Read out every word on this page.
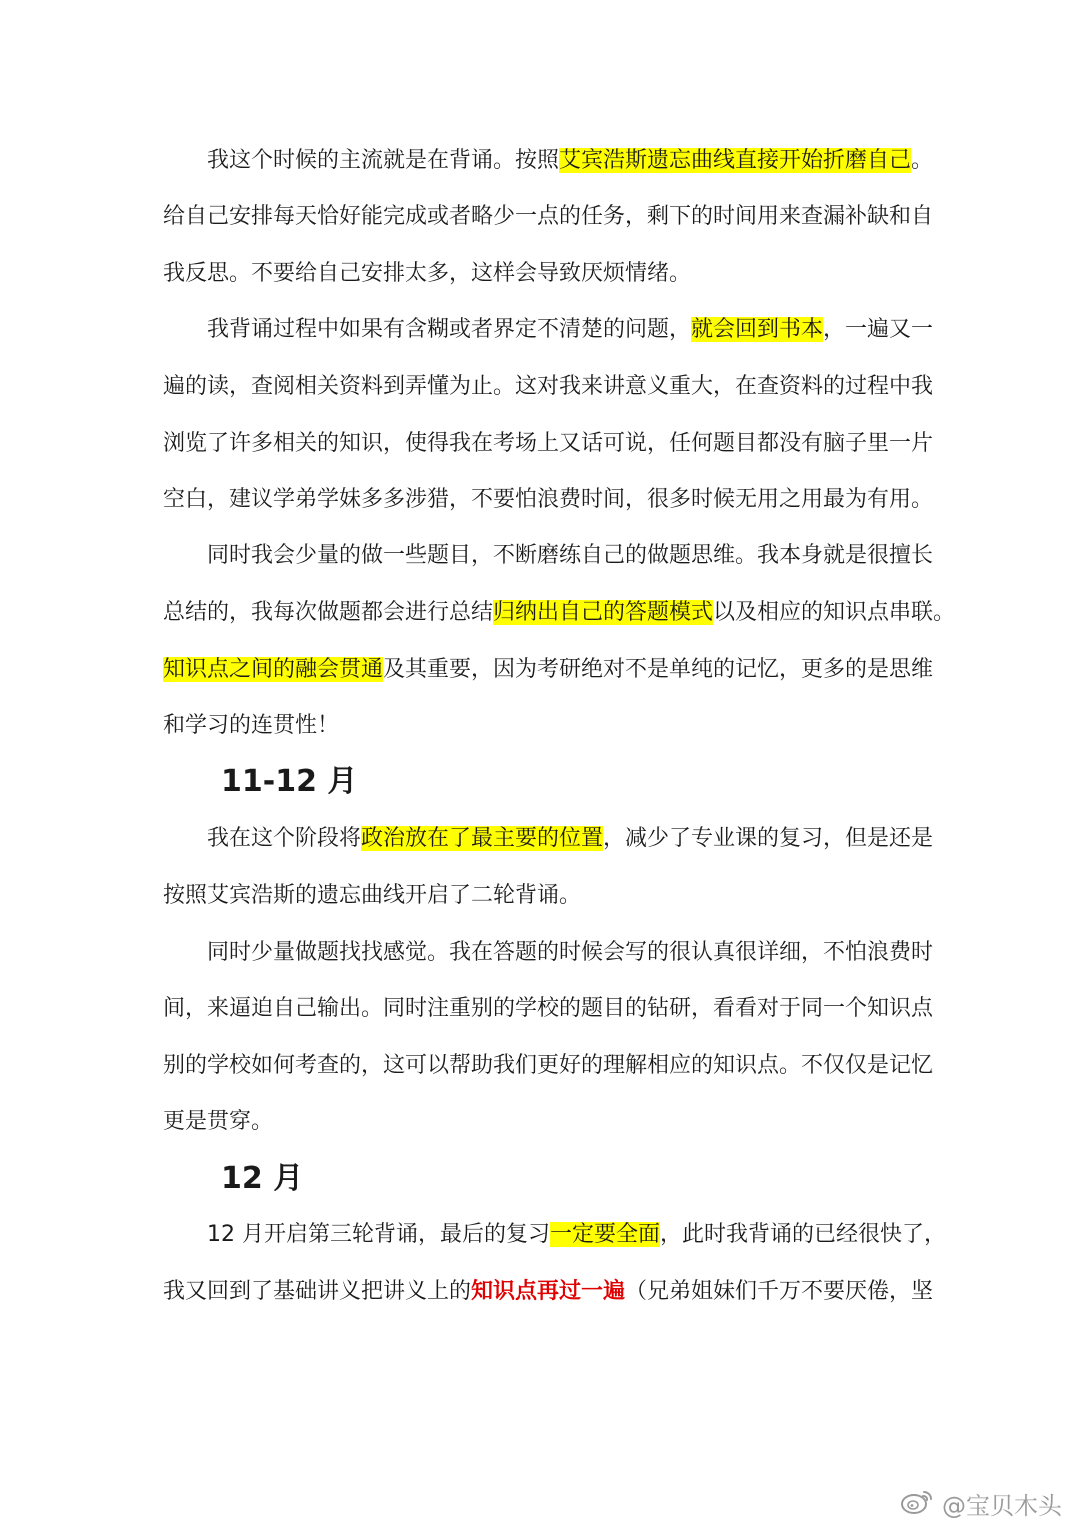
我这个时候的主流就是在背诵。按照艾宾浩斯遗忘曲线直接开始折磨自己。
给自己安排每天恰好能完成或者略少一点的任务，剩下的时间用来查漏补缺和自
我反思。不要给自己安排太多，这样会导致厌烦情绪。
我背诵过程中如果有含糊或者界定不清楚的问题，就会回到书本，一遍又一
遍的读，查阅相关资料到弄懂为止。这对我来讲意义重大，在查资料的过程中我
浏览了许多相关的知识，使得我在考场上又话可说，任何题目都没有脑子里一片
空白，建议学弟学妹多多涉猎，不要怕浪费时间，很多时候无用之用最为有用。
同时我会少量的做一些题目，不断磨练自己的做题思维。我本身就是很擅长
总结的，我每次做题都会进行总结归纳出自己的答题模式以及相应的知识点串联。
知识点之间的融会贯通及其重要，因为考研绝对不是单纯的记忆，更多的是思维
和学习的连贯性！
11-12 月
我在这个阶段将政治放在了最主要的位置，减少了专业课的复习，但是还是
按照艾宾浩斯的遗忘曲线开启了二轮背诵。
同时少量做题找找感觉。我在答题的时候会写的很认真很详细，不怕浪费时
间，来逼迫自己输出。同时注重别的学校的题目的钻研，看看对于同一个知识点
别的学校如何考查的，这可以帮助我们更好的理解相应的知识点。不仅仅是记忆
更是贯穿。
12 月
12 月开启第三轮背诵，最后的复习一定要全面，此时我背诵的已经很快了，
我又回到了基础讲义把讲义上的知识点再过一遍（兄弟姐妹们千万不要厌倦，坚
@宝贝木头
